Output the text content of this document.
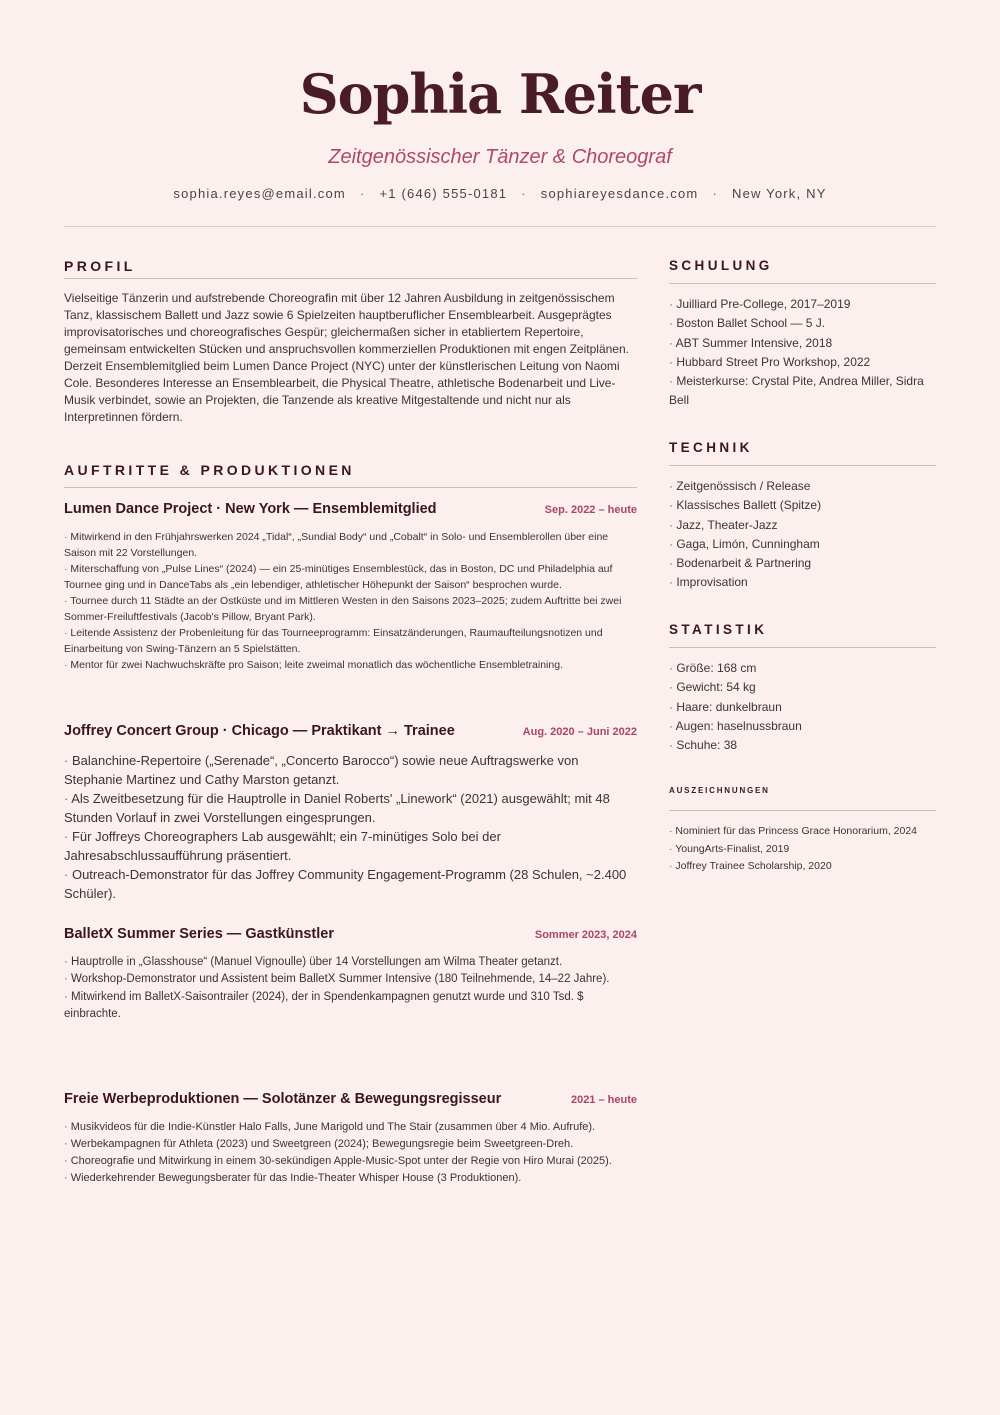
Sophia Reiter
Zeitgenössischer Tänzer & Choreograf
sophia.reyes@email.com · +1 (646) 555-0181 · sophiareyesdance.com · New York, NY
PROFIL

Vielseitige Tänzerin und aufstrebende Choreografin mit über 12 Jahren Ausbildung in zeitgenössischem Tanz, klassischem Ballett und Jazz sowie 6 Spielzeiten hauptberuflicher Ensemblearbeit. Ausgeprägtes improvisatorisches und choreografisches Gespür; gleichermaßen sicher in etabliertem Repertoire, gemeinsam entwickelten Stücken und anspruchsvollen kommerziellen Produktionen mit engen Zeitplänen. Derzeit Ensemblemitglied beim Lumen Dance Project (NYC) unter der künstlerischen Leitung von Naomi Cole. Besonderes Interesse an Ensemblearbeit, die Physical Theatre, athletische Bodenarbeit und Live-Musik verbindet, sowie an Projekten, die Tanzende als kreative Mitgestaltende und nicht nur als Interpretinnen fördern.

AUFTRITTE & PRODUKTIONEN
Lumen Dance Project · New York — Ensemblemitglied	Sep. 2022 – heute
· Mitwirkend in den Frühjahrswerken 2024 „Tidal“, „Sundial Body“ und „Cobalt“ in Solo- und Ensemblerollen über eine Saison mit 22 Vorstellungen.
· Miterschaffung von „Pulse Lines“ (2024) — ein 25-minütiges Ensemblestück, das in Boston, DC und Philadelphia auf Tournee ging und in DanceTabs als „ein lebendiger, athletischer Höhepunkt der Saison“ besprochen wurde.
· Tournee durch 11 Städte an der Ostküste und im Mittleren Westen in den Saisons 2023–2025; zudem Auftritte bei zwei Sommer-Freiluftfestivals (Jacob's Pillow, Bryant Park).
· Leitende Assistenz der Probenleitung für das Tourneeprogramm: Einsatzänderungen, Raumaufteilungsnotizen und Einarbeitung von Swing-Tänzern an 5 Spielstätten.
· Mentor für zwei Nachwuchskräfte pro Saison; leite zweimal monatlich das wöchentliche Ensembletraining.
Joffrey Concert Group · Chicago — Praktikant → Trainee	Aug. 2020 – Juni 2022
· Balanchine-Repertoire („Serenade“, „Concerto Barocco“) sowie neue Auftragswerke von Stephanie Martinez und Cathy Marston getanzt.
· Als Zweitbesetzung für die Hauptrolle in Daniel Roberts' „Linework“ (2021) ausgewählt; mit 48 Stunden Vorlauf in zwei Vorstellungen eingesprungen.
· Für Joffreys Choreographers Lab ausgewählt; ein 7-minütiges Solo bei der Jahresabschlussaufführung präsentiert.
· Outreach-Demonstrator für das Joffrey Community Engagement-Programm (28 Schulen, ~2.400 Schüler).
BalletX Summer Series — Gastkünstler	Sommer 2023, 2024
· Hauptrolle in „Glasshouse“ (Manuel Vignoulle) über 14 Vorstellungen am Wilma Theater getanzt.
· Workshop-Demonstrator und Assistent beim BalletX Summer Intensive (180 Teilnehmende, 14–22 Jahre).
· Mitwirkend im BalletX-Saisontrailer (2024), der in Spendenkampagnen genutzt wurde und 310 Tsd. $ einbrachte.
Freie Werbeproduktionen — Solotänzer & Bewegungsregisseur	2021 – heute
· Musikvideos für die Indie-Künstler Halo Falls, June Marigold und The Stair (zusammen über 4 Mio. Aufrufe).
· Werbekampagnen für Athleta (2023) und Sweetgreen (2024); Bewegungsregie beim Sweetgreen-Dreh.
· Choreografie und Mitwirkung in einem 30-sekündigen Apple-Music-Spot unter der Regie von Hiro Murai (2025).
· Wiederkehrender Bewegungsberater für das Indie-Theater Whisper House (3 Produktionen).
SCHULUNG
· Juilliard Pre-College, 2017–2019
· Boston Ballet School — 5 J.
· ABT Summer Intensive, 2018
· Hubbard Street Pro Workshop, 2022
· Meisterkurse: Crystal Pite, Andrea Miller, Sidra Bell
TECHNIK
· Zeitgenössisch / Release
· Klassisches Ballett (Spitze)
· Jazz, Theater-Jazz
· Gaga, Limón, Cunningham
· Bodenarbeit & Partnering
· Improvisation
STATISTIK
· Größe: 168 cm
· Gewicht: 54 kg
· Haare: dunkelbraun
· Augen: haselnussbraun
· Schuhe: 38
AUSZEICHNUNGEN
· Nominiert für das Princess Grace Honorarium, 2024
· YoungArts-Finalist, 2019
· Joffrey Trainee Scholarship, 2020
